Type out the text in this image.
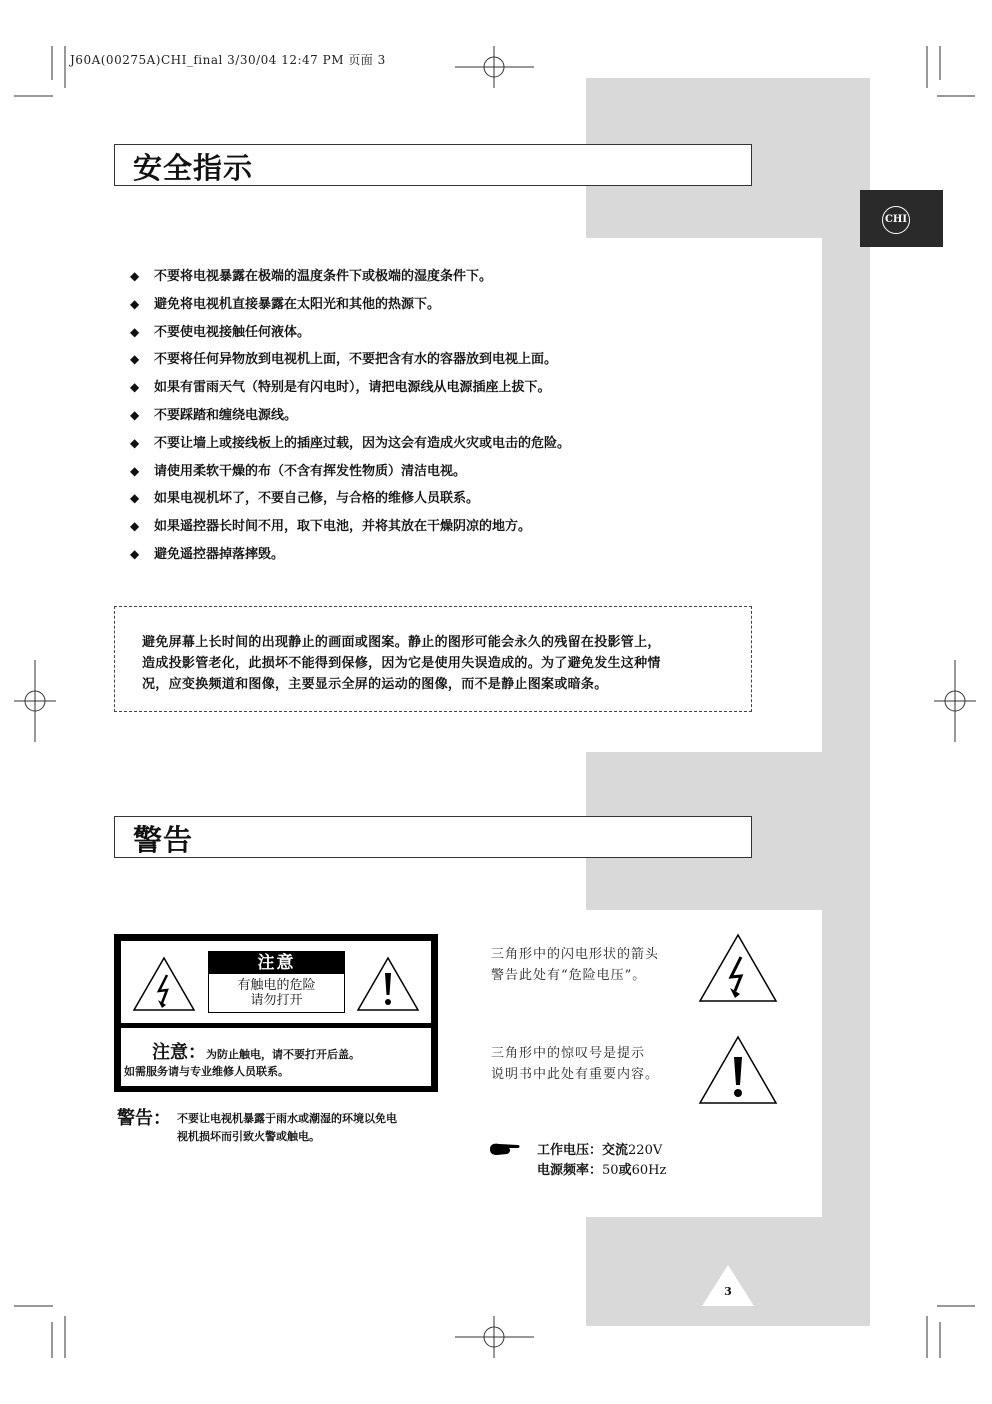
J60A(00275A)CHI_final 3/30/04 12:47 PM 页面 3
CHI
安全指示
◆ 不要将电视暴露在极端的温度条件下或极端的湿度条件下。
◆ 避免将电视机直接暴露在太阳光和其他的热源下。
◆ 不要使电视接触任何液体。
◆ 不要将任何异物放到电视机上面，不要把含有水的容器放到电视上面。
◆ 如果有雷雨天气（特别是有闪电时），请把电源线从电源插座上拔下。
◆ 不要踩踏和缠绕电源线。
◆ 不要让墙上或接线板上的插座过载，因为这会有造成火灾或电击的危险。
◆ 请使用柔软干燥的布（不含有挥发性物质）清洁电视。
◆ 如果电视机坏了，不要自己修，与合格的维修人员联系。
◆ 如果遥控器长时间不用，取下电池，并将其放在干燥阴凉的地方。
◆ 避免遥控器掉落摔毁。

避免屏幕上长时间的出现静止的画面或图案。静止的图形可能会永久的残留在投影管上，
造成投影管老化，此损坏不能得到保修，因为它是使用失误造成的。为了避免发生这种情
况，应变换频道和图像，主要显示全屏的运动的图像，而不是静止图案或暗条。

警告
注意
有触电的危险
请勿打开
注意：为防止触电，请不要打开后盖。
如需服务请与专业维修人员联系。
警告： 不要让电视机暴露于雨水或潮湿的环境以免电
视机损坏而引致火警或触电。
三角形中的闪电形状的箭头
警告此处有“危险电压”。
三角形中的惊叹号是提示
说明书中此处有重要内容。
工作电压：交流220V
电源频率：50或60Hz
3
